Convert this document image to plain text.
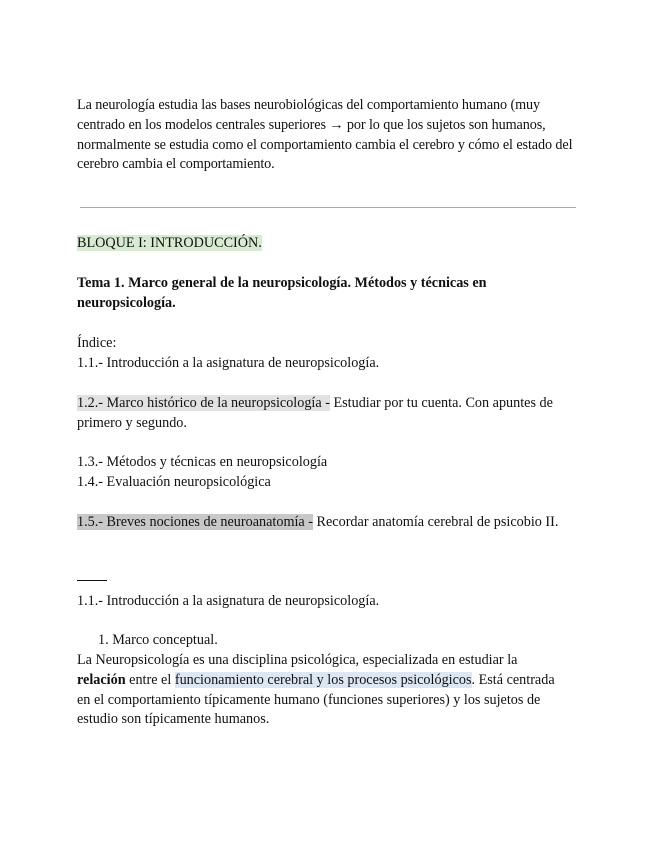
La neurología estudia las bases neurobiológicas del comportamiento humano (muy centrado en los modelos centrales superiores → por lo que los sujetos son humanos, normalmente se estudia como el comportamiento cambia el cerebro y cómo el estado del cerebro cambia el comportamiento.

BLOQUE I: INTRODUCCIÓN.
Tema 1. Marco general de la neuropsicología. Métodos y técnicas en neuropsicología.
Índice:
1.1.- Introducción a la asignatura de neuropsicología.
1.2.- Marco histórico de la neuropsicología - Estudiar por tu cuenta. Con apuntes de primero y segundo.
1.3.- Métodos y técnicas en neuropsicología
1.4.- Evaluación neuropsicológica
1.5.- Breves nociones de neuroanatomía - Recordar anatomía cerebral de psicobio II.
1.1.- Introducción a la asignatura de neuropsicología.
1. Marco conceptual.
La Neuropsicología es una disciplina psicológica, especializada en estudiar la relación entre el funcionamiento cerebral y los procesos psicológicos. Está centrada en el comportamiento típicamente humano (funciones superiores) y los sujetos de estudio son típicamente humanos.
